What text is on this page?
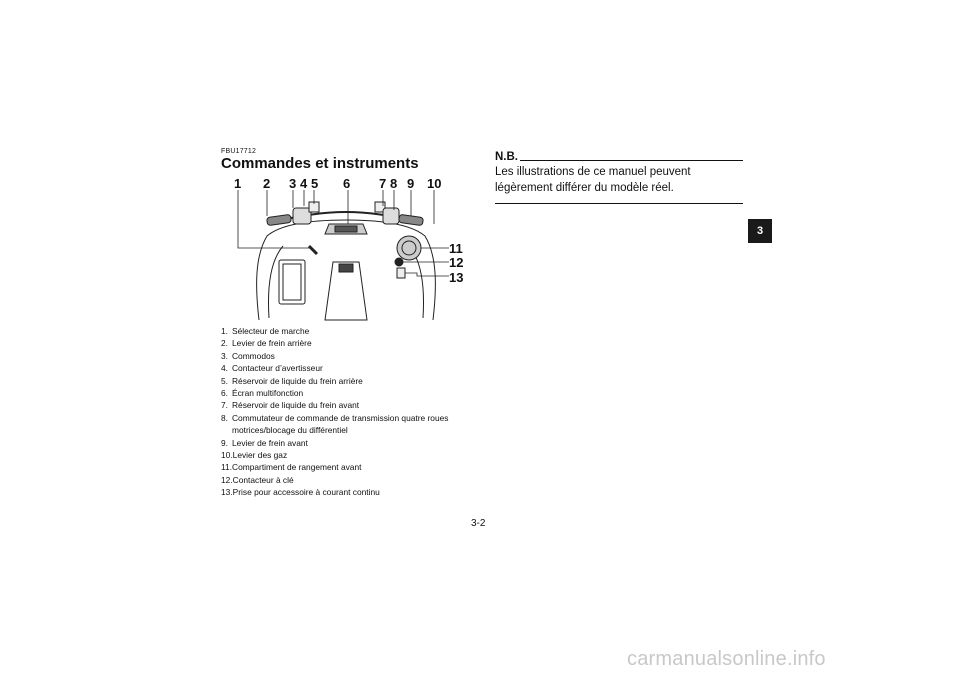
FBU17712
Commandes et instruments
1 2 3 4 5 6 7 8 9 10
11
12
13
1. Sélecteur de marche
2. Levier de frein arrière
3. Commodos
4. Contacteur d’avertisseur
5. Réservoir de liquide du frein arrière
6. Écran multifonction
7. Réservoir de liquide du frein avant
8. Commutateur de commande de transmission quatre roues motrices/blocage du différentiel
9. Levier de frein avant
10. Levier des gaz
11. Compartiment de rangement avant
12. Contacteur à clé
13. Prise pour accessoire à courant continu
N.B.
Les illustrations de ce manuel peuvent légèrement différer du modèle réel.
3
3-2
carmanualsonline.info
